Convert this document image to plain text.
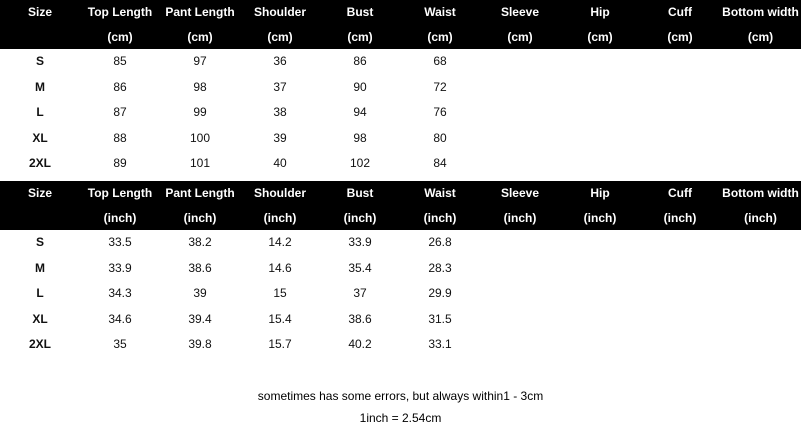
Size	Top Length	Pant Length	Shoulder	Bust	Waist	Sleeve	Hip	Cuff	Bottom width
	(cm)	(cm)	(cm)	(cm)	(cm)	(cm)	(cm)	(cm)	(cm)
S	85	97	36	86	68				
M	86	98	37	90	72				
L	87	99	38	94	76				
XL	88	100	39	98	80				
2XL	89	101	40	102	84				
Size	Top Length	Pant Length	Shoulder	Bust	Waist	Sleeve	Hip	Cuff	Bottom width
	(inch)	(inch)	(inch)	(inch)	(inch)	(inch)	(inch)	(inch)	(inch)
S	33.5	38.2	14.2	33.9	26.8				
M	33.9	38.6	14.6	35.4	28.3				
L	34.3	39	15	37	29.9				
XL	34.6	39.4	15.4	38.6	31.5				
2XL	35	39.8	15.7	40.2	33.1				
sometimes has some errors, but always within1 - 3cm
1inch = 2.54cm
